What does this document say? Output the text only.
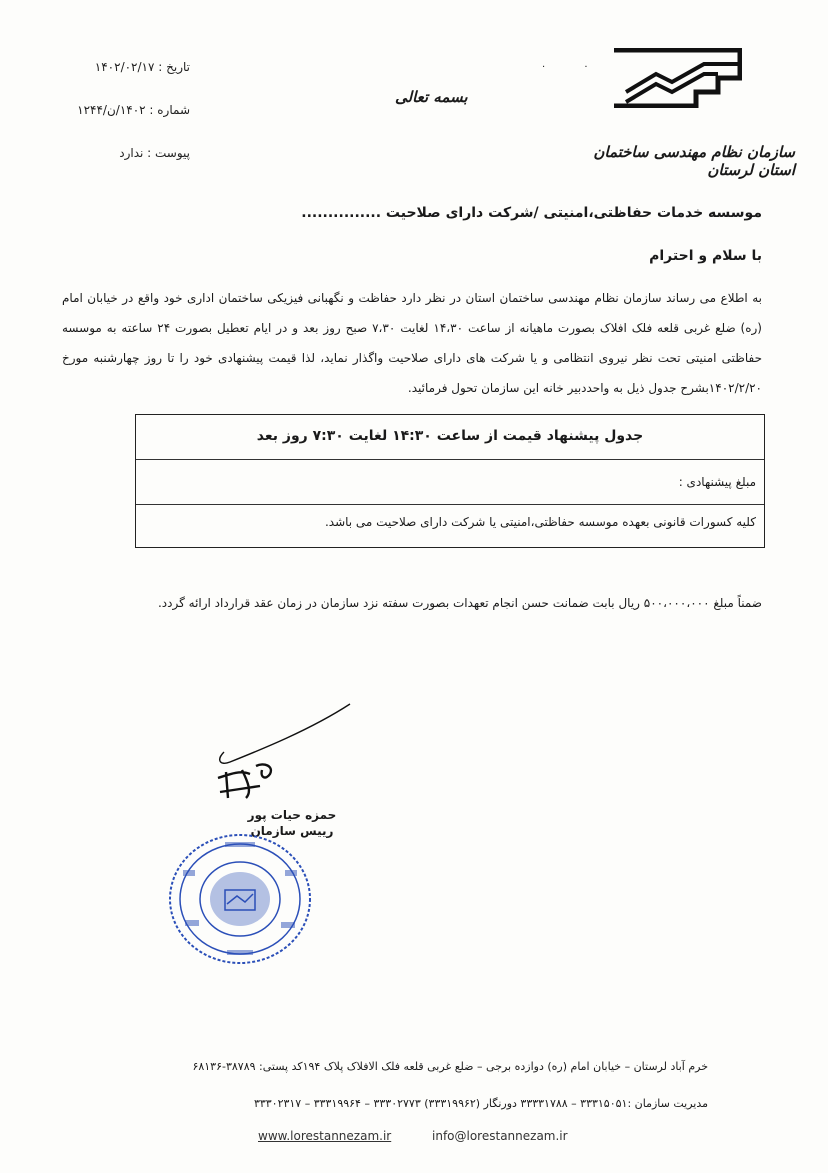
تاریخ : ۱۴۰۲/۰۲/۱۷
شماره : ۱۴۰۲/ن/۱۲۴۴
پیوست : ندارد
· ·
بسمه تعالی
سازمان نظام مهندسی ساختمان استان لرستان
موسسه خدمات حفاظتی،امنیتی /شرکت دارای صلاحیت ...............
با سلام و احترام
به اطلاع می رساند سازمان نظام مهندسی ساختمان استان در نظر دارد حفاظت و نگهبانی فیزیکی ساختمان اداری خود واقع در خیابان امام (ره) ضلع غربی قلعه فلک افلاک بصورت ماهیانه از ساعت ۱۴،۳۰ لغایت ۷،۳۰ صبح روز بعد و در ایام تعطیل بصورت ۲۴ ساعته به موسسه حفاظتی امنیتی تحت نظر نیروی انتظامی و یا شرکت های دارای صلاحیت واگذار نماید، لذا قیمت پیشنهادی خود را تا روز چهارشنبه مورخ ۱۴۰۲/۲/۲۰بشرح جدول ذیل به واحددبیر خانه این سازمان تحول فرمائید.
جدول پیشنهاد قیمت از ساعت ۱۴:۳۰ لغایت ۷:۳۰ روز بعد
مبلغ پیشنهادی :
کلیه کسورات قانونی بعهده موسسه حفاظتی،امنیتی یا شرکت دارای صلاحیت می باشد.
ضمناً مبلغ ۵۰۰،۰۰۰،۰۰۰ ریال بابت ضمانت حسن انجام تعهدات بصورت سفته نزد سازمان در زمان عقد قرارداد ارائه گردد.
حمزه حیات پور
رییس سازمان
خرم آباد لرستان – خیابان امام (ره) دوازده برجی – ضلع غربی قلعه فلک الافلاک پلاک ۱۹۴کد پستی: ۳۸۷۸۹-۶۸۱۳۶
مدیریت سازمان :۳۳۳۱۵۰۵۱ – ۳۳۳۳۱۷۸۸ دورنگار (۳۳۳۱۹۹۶۲) ۳۳۳۰۲۷۷۳ – ۳۳۳۱۹۹۶۴ – ۳۳۳۰۲۳۱۷
www.lorestannezam.ir	info@lorestannezam.ir
